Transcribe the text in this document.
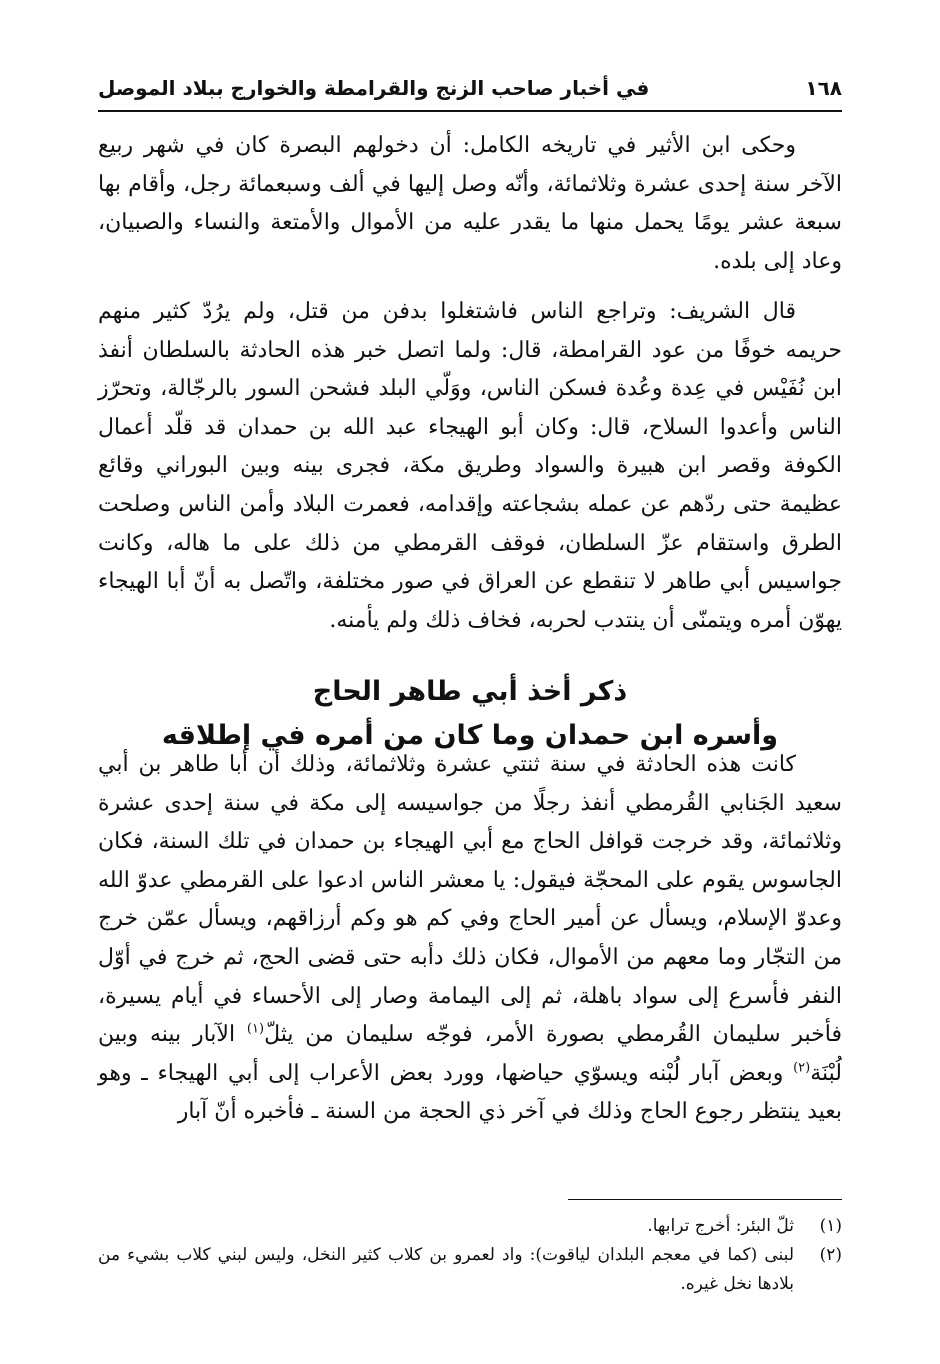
١٦٨
في أخبار صاحب الزنج والقرامطة والخوارج ببلاد الموصل

وحكى ابن الأثير في تاريخه الكامل: أن دخولهم البصرة كان في شهر ربيع الآخر سنة إحدى عشرة وثلاثمائة، وأنّه وصل إليها في ألف وسبعمائة رجل، وأقام بها سبعة عشر يومًا يحمل منها ما يقدر عليه من الأموال والأمتعة والنساء والصبيان، وعاد إلى بلده.

قال الشريف: وتراجع الناس فاشتغلوا بدفن من قتل، ولم يرُدّ كثير منهم حريمه خوفًا من عود القرامطة، قال: ولما اتصل خبر هذه الحادثة بالسلطان أنفذ ابن نُفَيْس في عِدة وعُدة فسكن الناس، ووَلّي البلد فشحن السور بالرجّالة، وتحرّز الناس وأعدوا السلاح، قال: وكان أبو الهيجاء عبد الله بن حمدان قد قلّد أعمال الكوفة وقصر ابن هبيرة والسواد وطريق مكة، فجرى بينه وبين البوراني وقائع عظيمة حتى ردّهم عن عمله بشجاعته وإقدامه، فعمرت البلاد وأمن الناس وصلحت الطرق واستقام عزّ السلطان، فوقف القرمطي من ذلك على ما هاله، وكانت جواسيس أبي طاهر لا تنقطع عن العراق في صور مختلفة، واتّصل به أنّ أبا الهيجاء يهوّن أمره ويتمنّى أن ينتدب لحربه، فخاف ذلك ولم يأمنه.

ذكر أخذ أبي طاهر الحاج
وأسره ابن حمدان وما كان من أمره في إطلاقه

كانت هذه الحادثة في سنة ثنتي عشرة وثلاثمائة، وذلك أن أبا طاهر بن أبي سعيد الجَنابي القُرمطي أنفذ رجلًا من جواسيسه إلى مكة في سنة إحدى عشرة وثلاثمائة، وقد خرجت قوافل الحاج مع أبي الهيجاء بن حمدان في تلك السنة، فكان الجاسوس يقوم على المحجّة فيقول: يا معشر الناس ادعوا على القرمطي عدوّ الله وعدوّ الإسلام، ويسأل عن أمير الحاج وفي كم هو وكم أرزاقهم، ويسأل عمّن خرج من التجّار وما معهم من الأموال، فكان ذلك دأبه حتى قضى الحج، ثم خرج في أوّل النفر فأسرع إلى سواد باهلة، ثم إلى اليمامة وصار إلى الأحساء في أيام يسيرة، فأخبر سليمان القُرمطي بصورة الأمر، فوجّه سليمان من يثلّ$^{(١)}$ الآبار بينه وبين لُبْنَة$^{(٢)}$ وبعض آبار لُبْنه ويسوّي حياضها، وورد بعض الأعراب إلى أبي الهيجاء ـ وهو بعيد ينتظر رجوع الحاج وذلك في آخر ذي الحجة من السنة ـ فأخبره أنّ آبار

(١)
ثلّ البئر: أخرج ترابها.
(٢)
لبنى (كما في معجم البلدان لياقوت): واد لعمرو بن كلاب كثير النخل، وليس لبني كلاب بشيء من بلادها نخل غيره.
